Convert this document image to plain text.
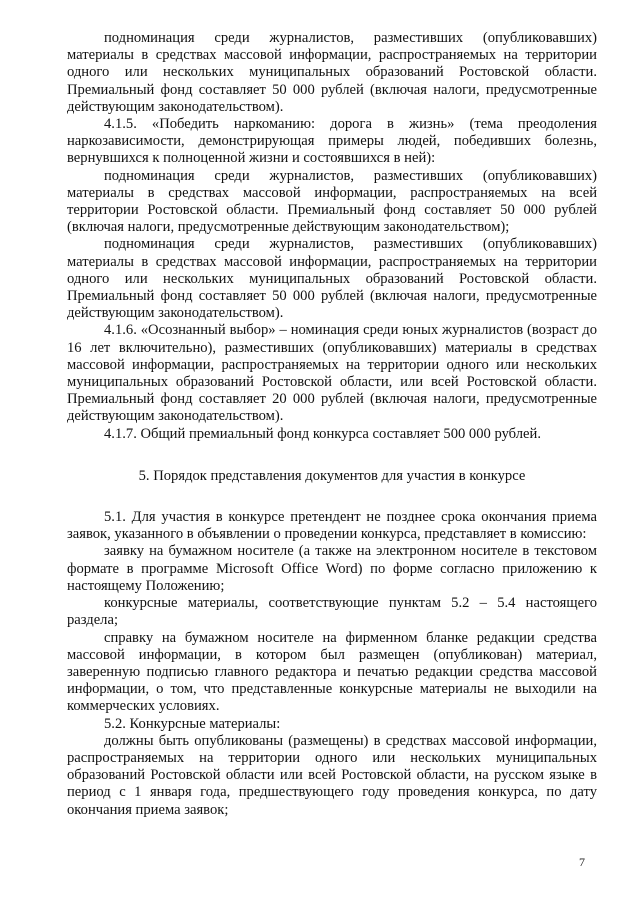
подноминация среди журналистов, разместивших (опубликовавших) материалы в средствах массовой информации, распространяемых на территории одного или нескольких муниципальных образований Ростовской области. Премиальный фонд составляет 50 000 рублей (включая налоги, предусмотренные действующим законодательством).

4.1.5. «Победить наркоманию: дорога в жизнь» (тема преодоления наркозависимости, демонстрирующая примеры людей, победивших болезнь, вернувшихся к полноценной жизни и состоявшихся в ней):

подноминация среди журналистов, разместивших (опубликовавших) материалы в средствах массовой информации, распространяемых на всей территории Ростовской области. Премиальный фонд составляет 50 000 рублей (включая налоги, предусмотренные действующим законодательством);

подноминация среди журналистов, разместивших (опубликовавших) материалы в средствах массовой информации, распространяемых на территории одного или нескольких муниципальных образований Ростовской области. Премиальный фонд составляет 50 000 рублей (включая налоги, предусмотренные действующим законодательством).

4.1.6. «Осознанный выбор» – номинация среди юных журналистов (возраст до 16 лет включительно), разместивших (опубликовавших) материалы в средствах массовой информации, распространяемых на территории одного или нескольких муниципальных образований Ростовской области, или всей Ростовской области. Премиальный фонд составляет 20 000 рублей (включая налоги, предусмотренные действующим законодательством).

4.1.7. Общий премиальный фонд конкурса составляет 500 000 рублей.

5. Порядок представления документов для участия в конкурсе

5.1. Для участия в конкурсе претендент не позднее срока окончания приема заявок, указанного в объявлении о проведении конкурса, представляет в комиссию:

заявку на бумажном носителе (а также на электронном носителе в текстовом формате в программе Microsoft Office Word) по форме согласно приложению к настоящему Положению;

конкурсные материалы, соответствующие пунктам 5.2 – 5.4 настоящего раздела;

справку на бумажном носителе на фирменном бланке редакции средства массовой информации, в котором был размещен (опубликован) материал, заверенную подписью главного редактора и печатью редакции средства массовой информации, о том, что представленные конкурсные материалы не выходили на коммерческих условиях.

5.2. Конкурсные материалы:

должны быть опубликованы (размещены) в средствах массовой информации, распространяемых на территории одного или нескольких муниципальных образований Ростовской области или всей Ростовской области, на русском языке в период с 1 января года, предшествующего году проведения конкурса, по дату окончания приема заявок;

7
